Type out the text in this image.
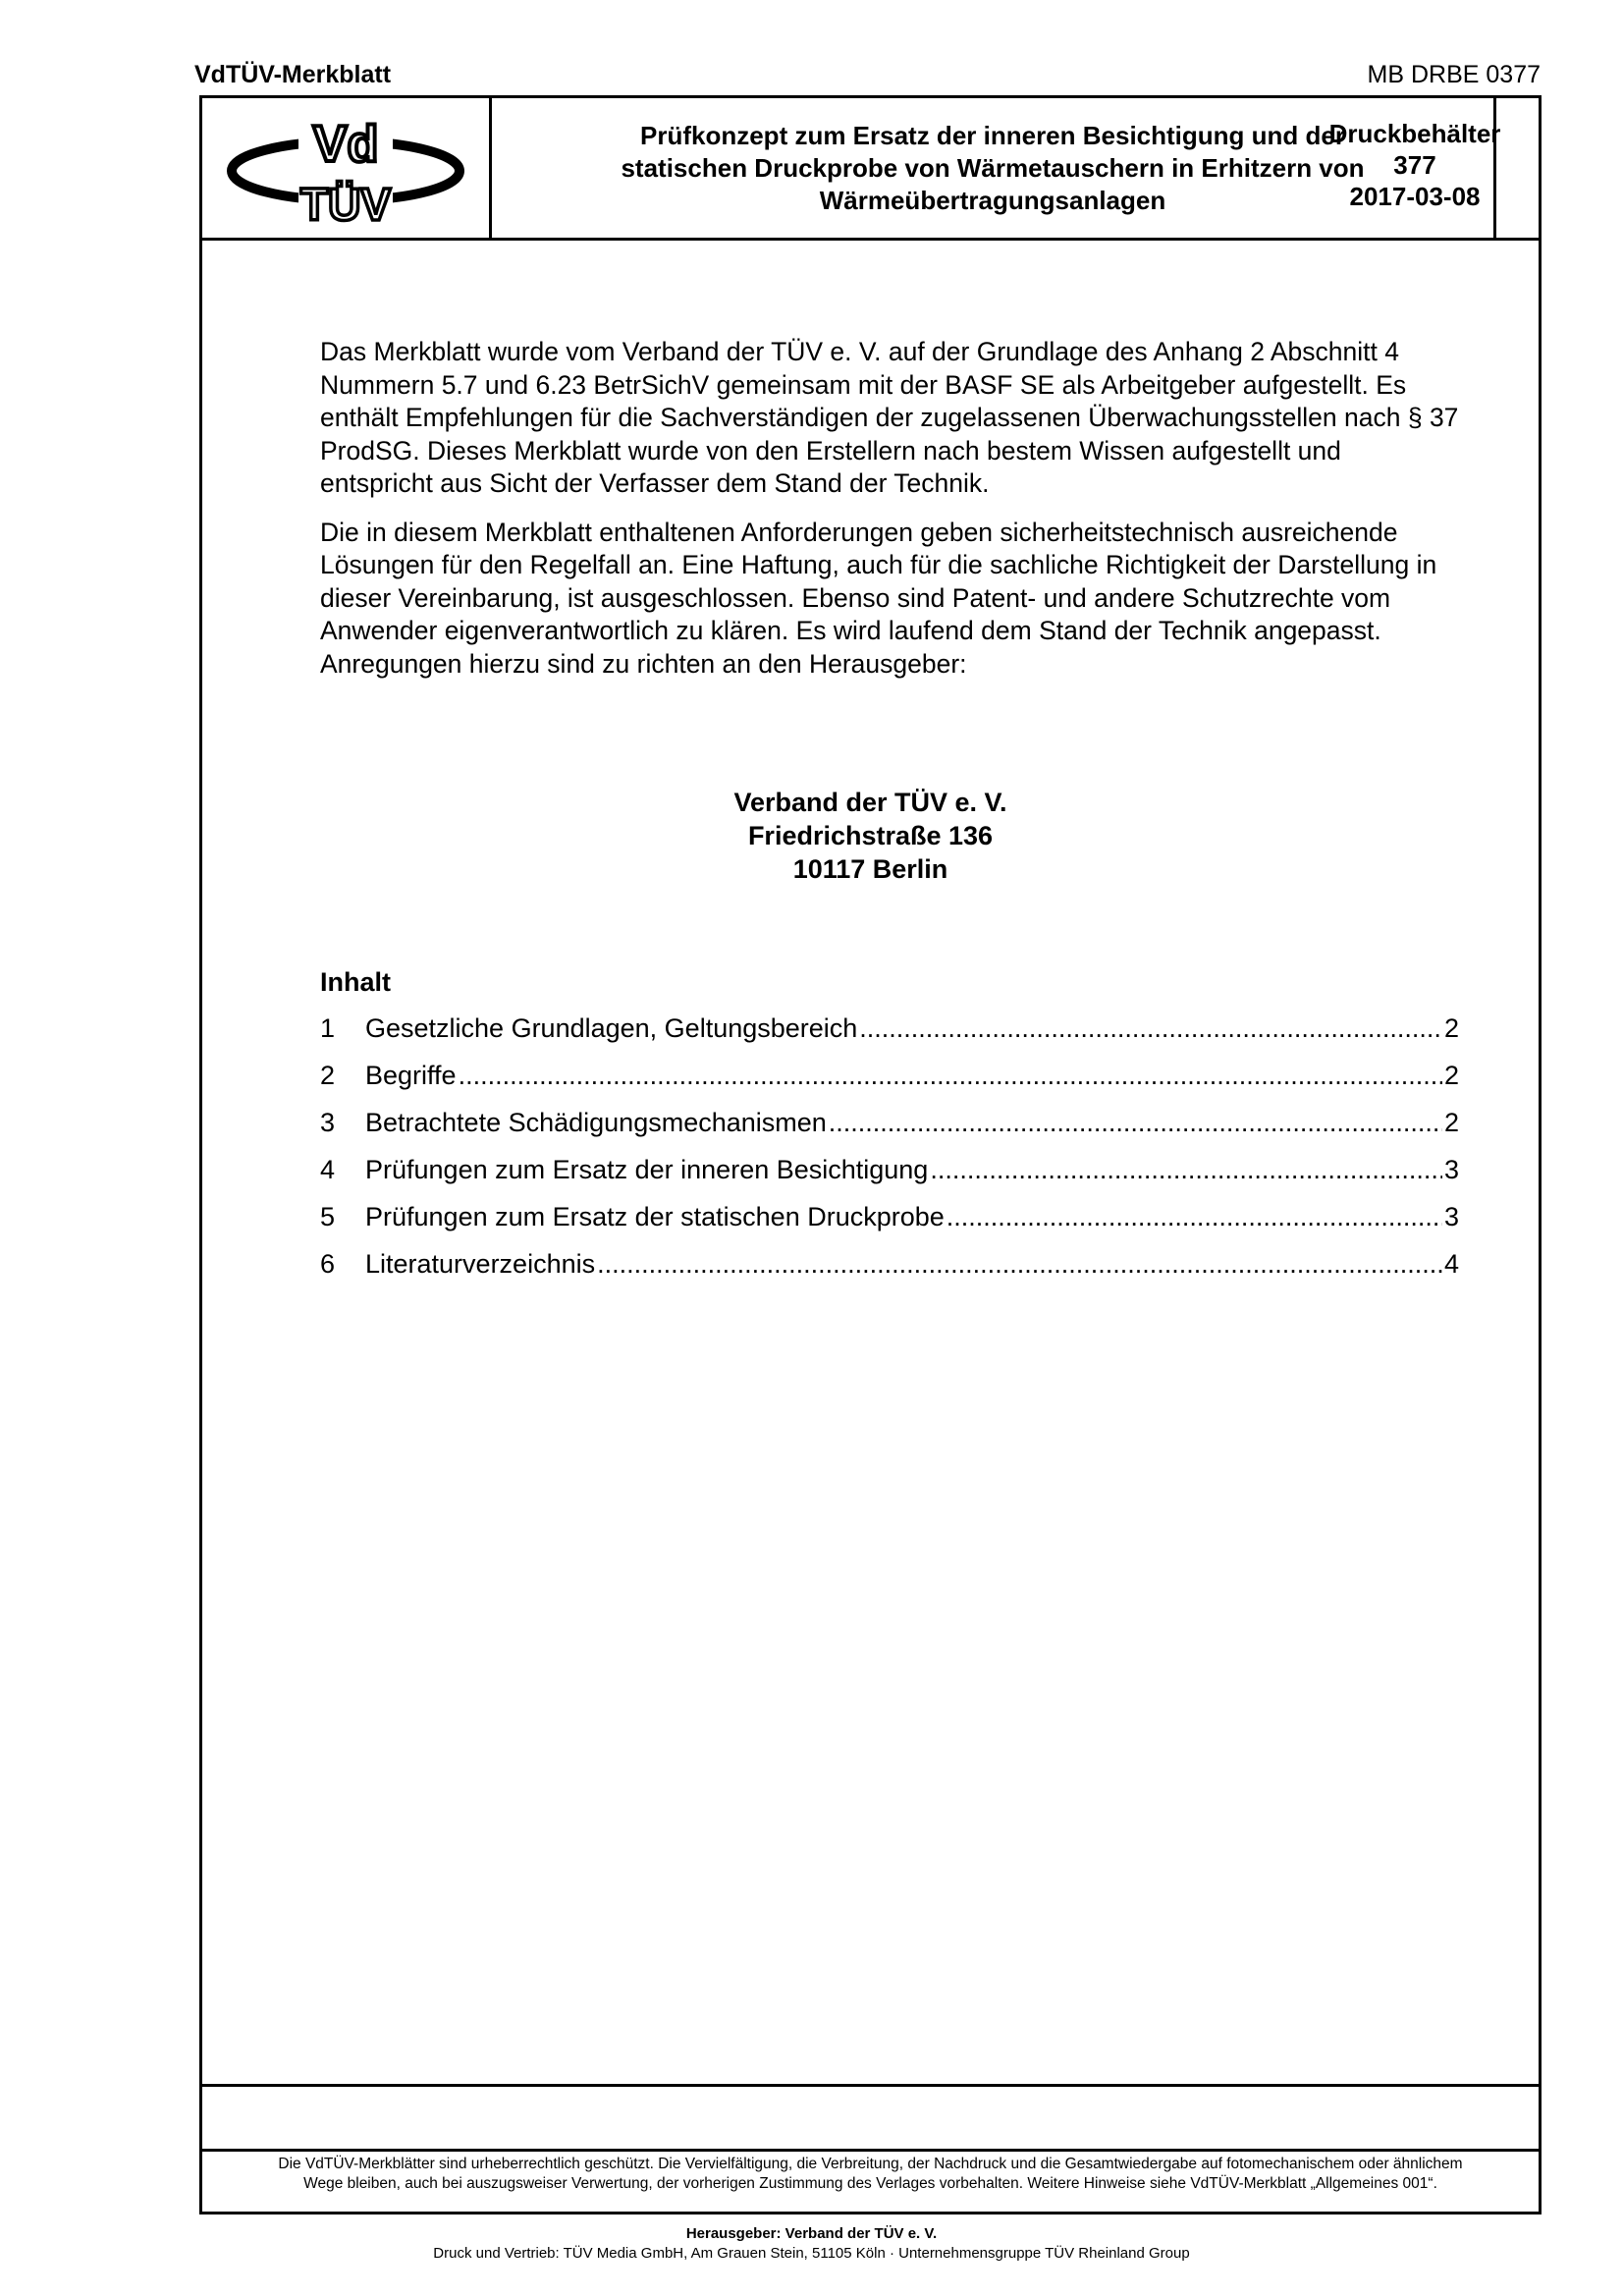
VdTÜV-Merkblatt	MB DRBE 0377
Vd
TÜV
Prüfkonzept zum Ersatz der inneren Besichtigung und der statischen Druckprobe von Wärmetauschern in Erhitzern von Wärmeübertragungsanlagen
Druckbehälter
377
2017-03-08

Das Merkblatt wurde vom Verband der TÜV e. V. auf der Grundlage des Anhang 2 Abschnitt 4 Nummern 5.7 und 6.23 BetrSichV gemeinsam mit der BASF SE als Arbeitgeber aufgestellt. Es enthält Empfehlungen für die Sachverständigen der zugelassenen Überwachungsstellen nach § 37 ProdSG. Dieses Merkblatt wurde von den Erstellern nach bestem Wissen aufgestellt und entspricht aus Sicht der Verfasser dem Stand der Technik.

Die in diesem Merkblatt enthaltenen Anforderungen geben sicherheitstechnisch ausreichende Lösungen für den Regelfall an. Eine Haftung, auch für die sachliche Richtigkeit der Darstellung in dieser Vereinbarung, ist ausgeschlossen. Ebenso sind Patent- und andere Schutzrechte vom Anwender eigenverantwortlich zu klären. Es wird laufend dem Stand der Technik angepasst. Anregungen hierzu sind zu richten an den Herausgeber:

Verband der TÜV e. V.
Friedrichstraße 136
10117 Berlin
Inhalt
1	Gesetzliche Grundlagen, Geltungsbereich .....	2
2	Begriffe .....	2
3	Betrachtete Schädigungsmechanismen .....	2
4	Prüfungen zum Ersatz der inneren Besichtigung .....	3
5	Prüfungen zum Ersatz der statischen Druckprobe .....	3
6	Literaturverzeichnis .....	4
Die VdTÜV-Merkblätter sind urheberrechtlich geschützt. Die Vervielfältigung, die Verbreitung, der Nachdruck und die Gesamtwiedergabe auf fotomechanischem oder ähnlichem
Wege bleiben, auch bei auszugsweiser Verwertung, der vorherigen Zustimmung des Verlages vorbehalten. Weitere Hinweise siehe VdTÜV-Merkblatt „Allgemeines 001“.
Herausgeber: Verband der TÜV e. V.
Druck und Vertrieb: TÜV Media GmbH, Am Grauen Stein, 51105 Köln · Unternehmensgruppe TÜV Rheinland Group
